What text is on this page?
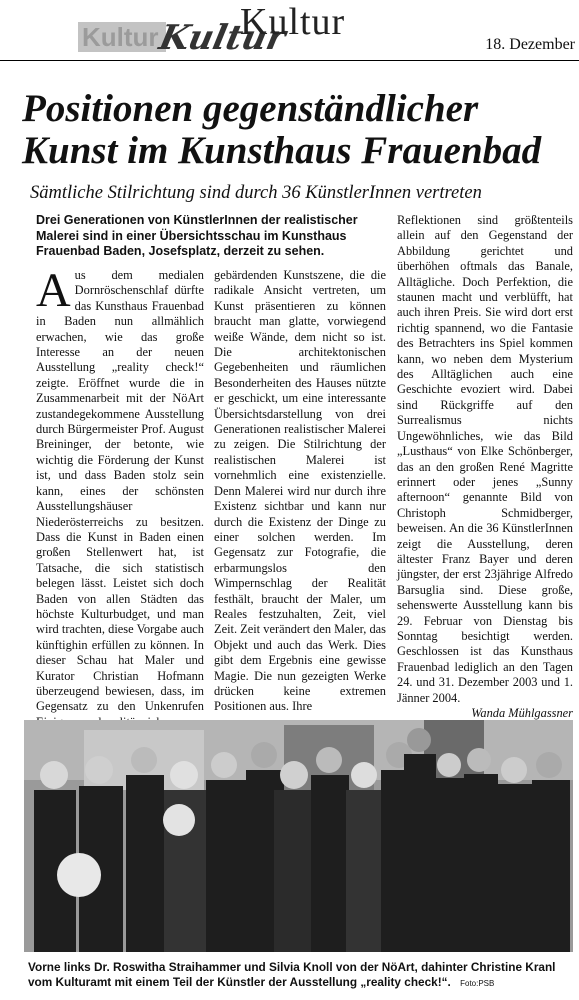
Kultur
Kultur
Kultur
18. Dezember
Positionen gegenständlicher Kunst im Kunsthaus Frauenbad
Sämtliche Stilrichtung sind durch 36 KünstlerInnen vertreten
Drei Generationen von KünstlerInnen der realistischer Malerei sind in einer Übersichtsschau im Kunsthaus Frauenbad Baden, Josefsplatz, derzeit zu sehen.
Aus dem medialen Dornröschenschlaf dürfte das Kunsthaus Frauenbad in Baden nun allmählich erwachen, wie das große Interesse an der neuen Ausstellung „reality check!“ zeigte. Eröffnet wurde die in Zusammenarbeit mit der NöArt zustandegekommene Ausstellung durch Bürgermeister Prof. August Breininger, der betonte, wie wichtig die Förderung der Kunst ist, und dass Baden stolz sein kann, eines der schönsten Ausstellungshäuser Niederösterreichs zu besitzen. Dass die Kunst in Baden einen großen Stellenwert hat, ist Tatsache, die sich statistisch belegen lässt. Leistet sich doch Baden von allen Städten das höchste Kulturbudget, und man wird trachten, diese Vorgabe auch künftighin erfüllen zu können. In dieser Schau hat Maler und Kurator Christian Hofmann überzeugend bewiesen, dass, im Gegensatz zu den Unkenrufen
gebärdenden Kunstszene, die die radikale Ansicht vertreten, um Kunst präsentieren zu können braucht man glatte, vorwiegend weiße Wände, dem nicht so ist. Die architektonischen Gegebenheiten und räumlichen Besonderheiten des Hauses nützte er geschickt, um eine interessante Übersichtsdarstellung von drei Generationen realistischer Malerei zu zeigen. Die Stilrichtung der realistischen Malerei ist vornehmlich eine existenzielle. Denn Malerei wird nur durch ihre Existenz sichtbar und kann nur durch die Existenz der Dinge zu einer solchen werden. Im Gegensatz zur Fotografie, die erbarmungslos den Wimpernschlag der Realität festhält, braucht der Maler, um Reales festzuhalten, Zeit, viel Zeit. Zeit verändert den Maler, das Objekt und auch das Werk. Dies gibt dem Ergebnis eine gewisse Magie. Die nun gezeigten Werke drücken keine extremen Positionen aus. Ihre
Reflektionen sind größtenteils allein auf den Gegenstand der Abbildung gerichtet und überhöhen oftmals das Banale, Alltägliche. Doch Perfektion, die staunen macht und verblüfft, hat auch ihren Preis. Sie wird dort erst richtig spannend, wo die Fantasie des Betrachters ins Spiel kommen kann, wo neben dem Mysterium des Alltäglichen auch eine Geschichte evoziert wird. Dabei sind Rückgriffe auf den Surrealismus nichts Ungewöhnliches, wie das Bild „Lusthaus“ von Elke Schönberger, das an den großen René Magritte erinnert oder jenes „Sunny afternoon“ genannte Bild von Christoph Schmidberger, beweisen. An die 36 KünstlerInnen zeigt die Ausstellung, deren ältester Franz Bayer und deren jüngster, der erst 23jährige Alfredo Barsuglia sind. Diese große, sehenswerte Ausstellung kann bis 29. Februar von Dienstag bis Sonntag besichtigt werden. Geschlossen ist das Kunsthaus Frauenbad lediglich an den Tagen 24. und 31. Dezember 2003 und 1. Jänner 2004.
Wanda Mühlgassner
Vorne links Dr. Roswitha Straihammer und Silvia Knoll von der NöArt, dahinter Christine Kranl vom Kulturamt mit einem Teil der Künstler der Ausstellung „reality check!“. Foto:PSB
